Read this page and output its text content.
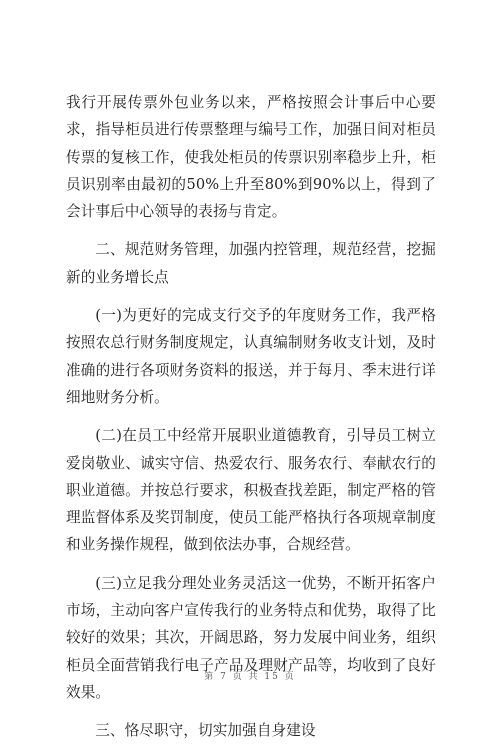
我行开展传票外包业务以来，严格按照会计事后中心要求，指导柜员进行传票整理与编号工作，加强日间对柜员传票的复核工作，使我处柜员的传票识别率稳步上升，柜员识别率由最初的50%上升至80%到90%以上，得到了会计事后中心领导的表扬与肯定。

二、规范财务管理，加强内控管理，规范经营，挖掘新的业务增长点

(一)为更好的完成支行交予的年度财务工作，我严格按照农总行财务制度规定，认真编制财务收支计划，及时准确的进行各项财务资料的报送，并于每月、季末进行详细地财务分析。

(二)在员工中经常开展职业道德教育，引导员工树立爱岗敬业、诚实守信、热爱农行、服务农行、奉献农行的职业道德。并按总行要求，积极查找差距，制定严格的管理监督体系及奖罚制度，使员工能严格执行各项规章制度和业务操作规程，做到依法办事，合规经营。

(三)立足我分理处业务灵活这一优势，不断开拓客户市场，主动向客户宣传我行的业务特点和优势，取得了比较好的效果；其次，开阔思路，努力发展中间业务，组织柜员全面营销我行电子产品及理财产品等，均收到了良好效果。

三、恪尽职守，切实加强自身建设

第 7 页 共 15 页
